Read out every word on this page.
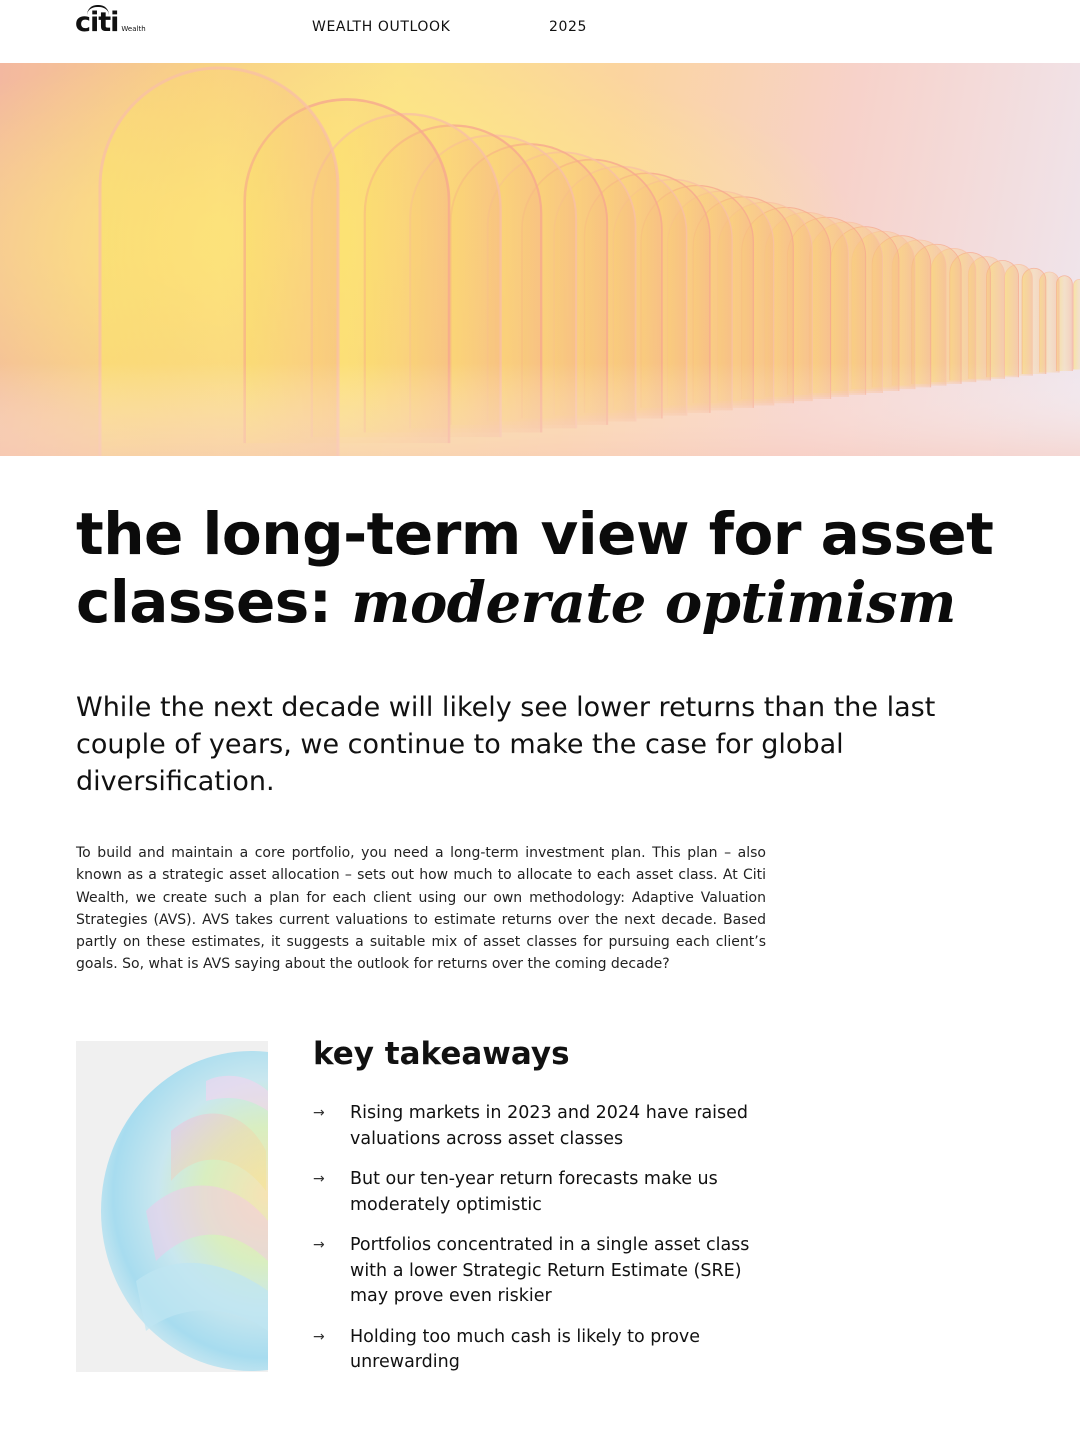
citi Wealth	WEALTH OUTLOOK	2025
the long-term view for asset classes: moderate optimism

While the next decade will likely see lower returns than the last couple of years, we continue to make the case for global diversification.

To build and maintain a core portfolio, you need a long-term investment plan. This plan – also known as a strategic asset allocation – sets out how much to allocate to each asset class. At Citi Wealth, we create such a plan for each client using our own methodology: Adaptive Valuation Strategies (AVS). AVS takes current valuations to estimate returns over the next decade. Based partly on these estimates, it suggests a suitable mix of asset classes for pursuing each client’s goals. So, what is AVS saying about the outlook for returns over the coming decade?

key takeaways
→ Rising markets in 2023 and 2024 have raised valuations across asset classes
→ But our ten-year return forecasts make us moderately optimistic
→ Portfolios concentrated in a single asset class with a lower Strategic Return Estimate (SRE) may prove even riskier
→ Holding too much cash is likely to prove unrewarding
